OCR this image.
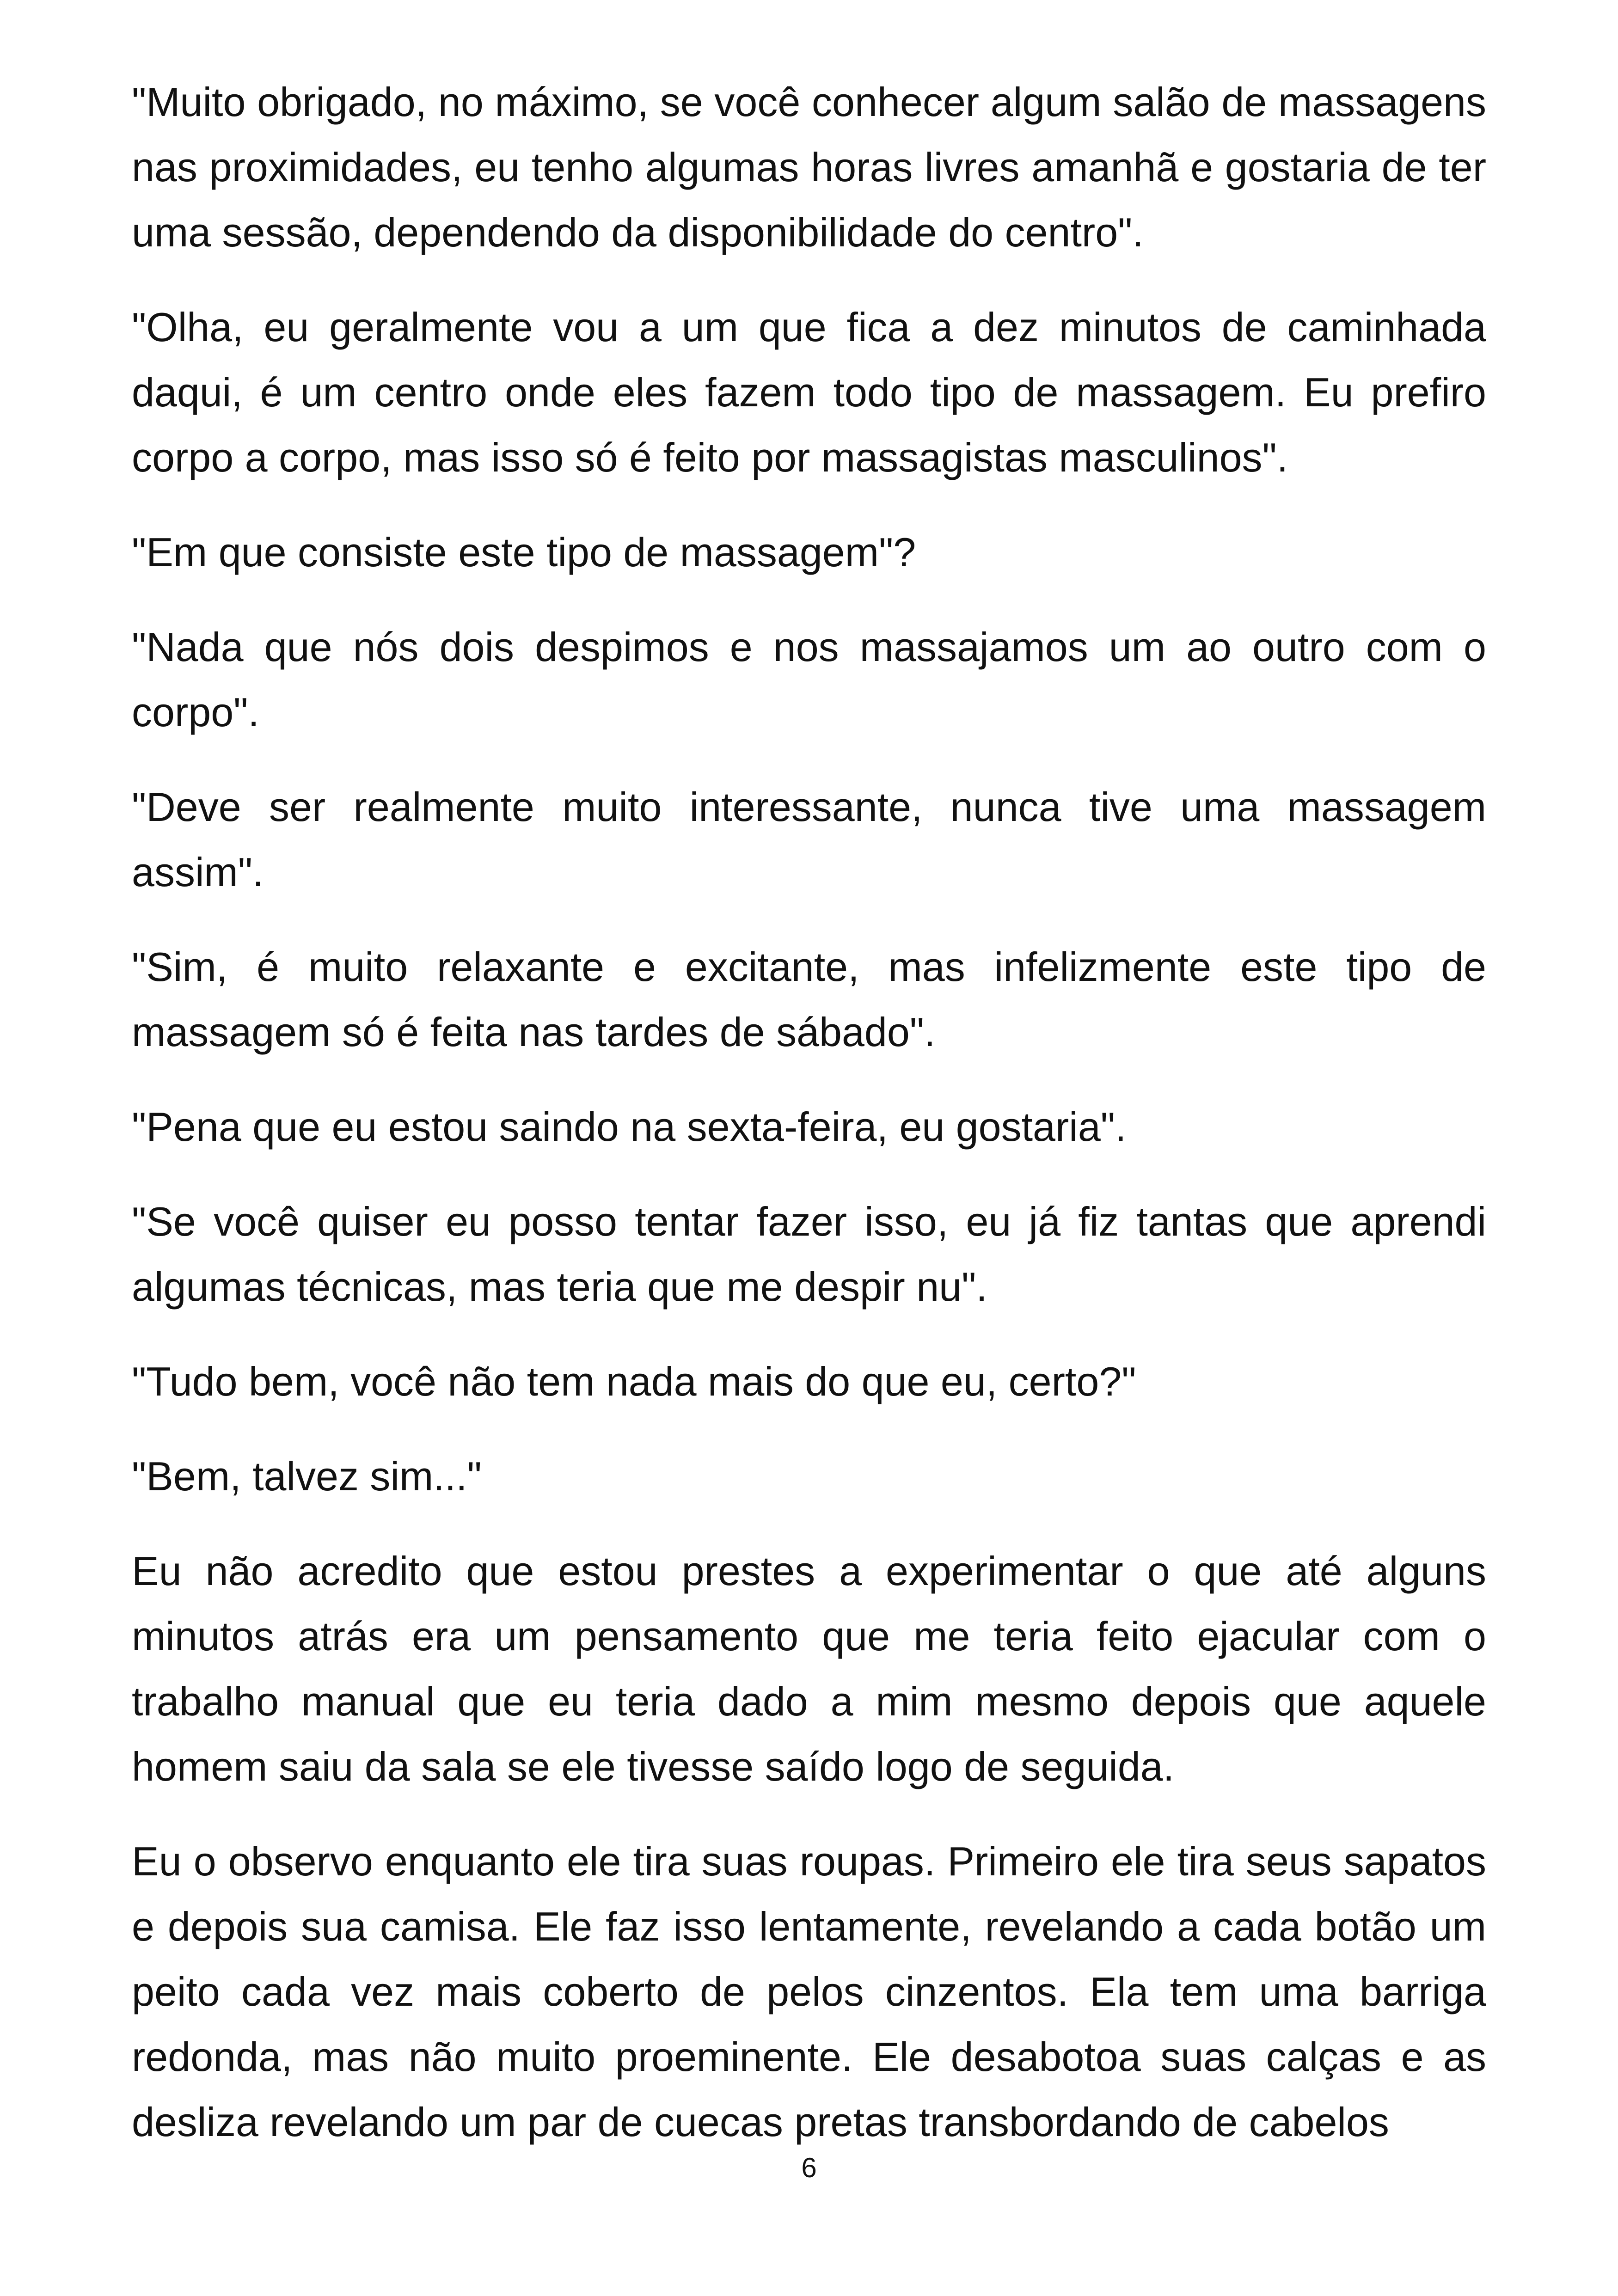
"Muito obrigado, no máximo, se você conhecer algum salão de massagens nas proximidades, eu tenho algumas horas livres amanhã e gostaria de ter uma sessão, dependendo da disponibilidade do centro".

"Olha, eu geralmente vou a um que fica a dez minutos de caminhada daqui, é um centro onde eles fazem todo tipo de massagem. Eu prefiro corpo a corpo, mas isso só é feito por massagistas masculinos".

"Em que consiste este tipo de massagem"?

"Nada que nós dois despimos e nos massajamos um ao outro com o corpo".

"Deve ser realmente muito interessante, nunca tive uma massagem assim".

"Sim, é muito relaxante e excitante, mas infelizmente este tipo de massagem só é feita nas tardes de sábado".

"Pena que eu estou saindo na sexta-feira, eu gostaria".

"Se você quiser eu posso tentar fazer isso, eu já fiz tantas que aprendi algumas técnicas, mas teria que me despir nu".

"Tudo bem, você não tem nada mais do que eu, certo?"

"Bem, talvez sim..."

Eu não acredito que estou prestes a experimentar o que até alguns minutos atrás era um pensamento que me teria feito ejacular com o trabalho manual que eu teria dado a mim mesmo depois que aquele homem saiu da sala se ele tivesse saído logo de seguida.

Eu o observo enquanto ele tira suas roupas. Primeiro ele tira seus sapatos e depois sua camisa. Ele faz isso lentamente, revelando a cada botão um peito cada vez mais coberto de pelos cinzentos. Ela tem uma barriga redonda, mas não muito proeminente. Ele desabotoa suas calças e as desliza revelando um par de cuecas pretas transbordando de cabelos

6
